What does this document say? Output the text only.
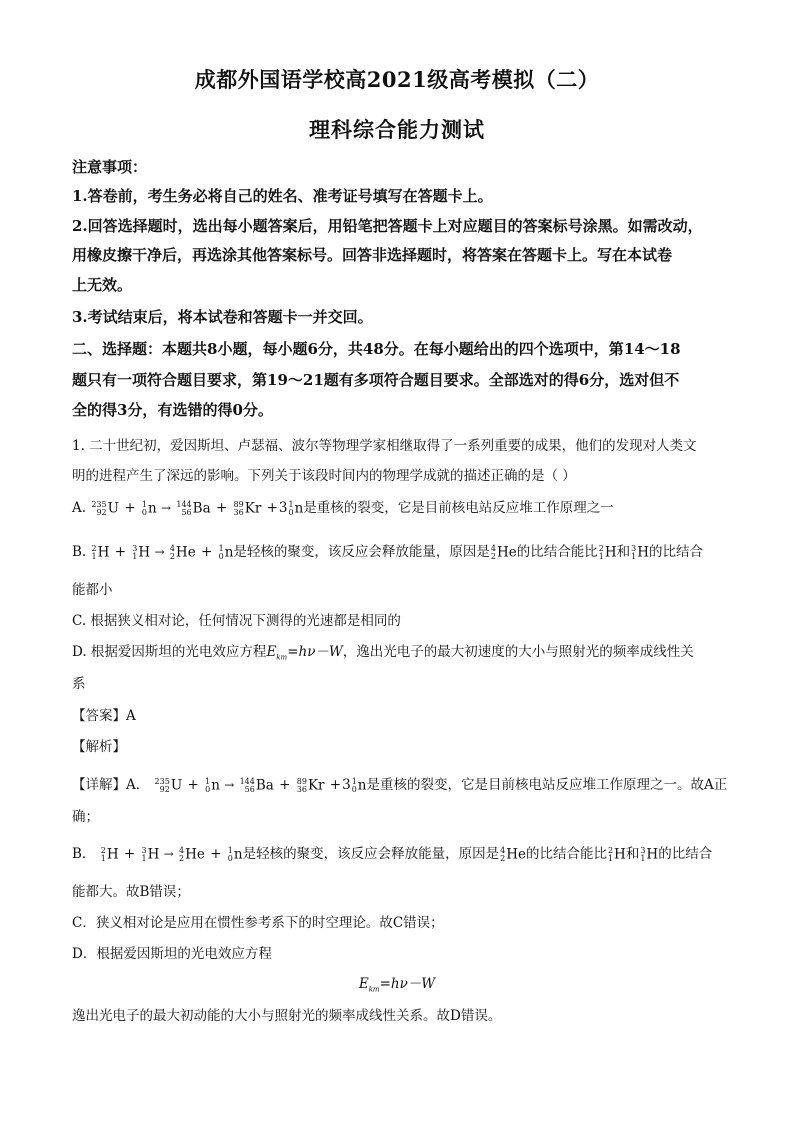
成都外国语学校高2021级高考模拟（二）
理科综合能力测试
注意事项：
1.答卷前，考生务必将自己的姓名、准考证号填写在答题卡上。
2.回答选择题时，选出每小题答案后，用铅笔把答题卡上对应题目的答案标号涂黑。如需改动，
用橡皮擦干净后，再选涂其他答案标号。回答非选择题时，将答案在答题卡上。写在本试卷
上无效。
3.考试结束后，将本试卷和答题卡一并交回。
二、选择题：本题共8小题，每小题6分，共48分。在每小题给出的四个选项中，第14～18
题只有一项符合题目要求，第19～21题有多项符合题目要求。全部选对的得6分，选对但不
全的得3分，有选错的得0分。
1. 二十世纪初，爱因斯坦、卢瑟福、波尔等物理学家相继取得了一系列重要的成果，他们的发现对人类文
明的进程产生了深远的影响。下列关于该段时间内的物理学成就的描述正确的是（ ）
A. 235
92 U + 1
0 n → 144
56 Ba + 89
36 Kr +3 1
0 n是重核的裂变，它是目前核电站反应堆工作原理之一
B. 2
1 H + 3
1 H → 4
2 He + 1
0 n是轻核的聚变，该反应会释放能量，原因是 4
2 He的比结合能比 2
1 H和 3
1 H的比结合
能都小
C. 根据狭义相对论，任何情况下测得的光速都是相同的
D. 根据爱因斯坦的光电效应方程$E_{km}=h\nu-W$，逸出光电子的最大初速度的大小与照射光的频率成线性关
系
【答案】A
【解析】
【详解】A． 235
92 U + 1
0 n → 144
56 Ba + 89
36 Kr +3 1
0 n是重核的裂变，它是目前核电站反应堆工作原理之一。故A正
确；
B． 2
1 H + 3
1 H → 4
2 He + 1
0 n是轻核的聚变，该反应会释放能量，原因是 4
2 He的比结合能比 2
1 H和 3
1 H的比结合
能都大。故B错误；
C．狭义相对论是应用在惯性参考系下的时空理论。故C错误；
D．根据爱因斯坦的光电效应方程
$E_{km}=h\nu-W$
逸出光电子的最大初动能的大小与照射光的频率成线性关系。故D错误。
